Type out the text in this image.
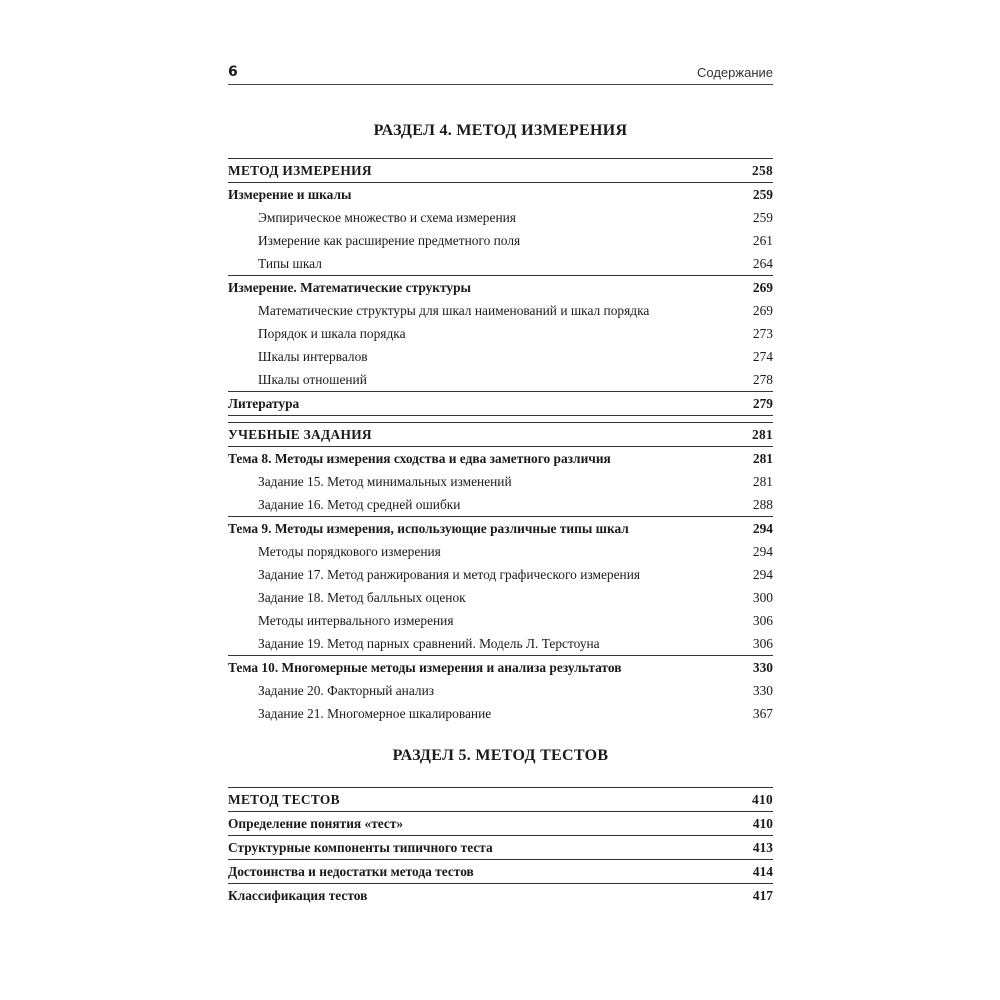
6	Содержание
РАЗДЕЛ 4. МЕТОД ИЗМЕРЕНИЯ
МЕТОД ИЗМЕРЕНИЯ .....	258
Измерение и шкалы .....	259
Эмпирическое множество и схема измерения .....	259
Измерение как расширение предметного поля .....	261
Типы шкал .....	264
Измерение. Математические структуры .....	269
Математические структуры для шкал наименований и шкал порядка .....	269
Порядок и шкала порядка .....	273
Шкалы интервалов .....	274
Шкалы отношений .....	278
Литература .....	279
УЧЕБНЫЕ ЗАДАНИЯ .....	281
Тема 8. Методы измерения сходства и едва заметного различия .....	281
Задание 15. Метод минимальных изменений .....	281
Задание 16. Метод средней ошибки .....	288
Тема 9. Методы измерения, использующие различные типы шкал .....	294
Методы порядкового измерения .....	294
Задание 17. Метод ранжирования и метод графического измерения .....	294
Задание 18. Метод балльных оценок .....	300
Методы интервального измерения .....	306
Задание 19. Метод парных сравнений. Модель Л. Терстоуна .....	306
Тема 10. Многомерные методы измерения и анализа результатов .....	330
Задание 20. Факторный анализ .....	330
Задание 21. Многомерное шкалирование .....	367
РАЗДЕЛ 5. МЕТОД ТЕСТОВ
МЕТОД ТЕСТОВ .....	410
Определение понятия «тест» .....	410
Структурные компоненты типичного теста .....	413
Достоинства и недостатки метода тестов .....	414
Классификация тестов .....	417
